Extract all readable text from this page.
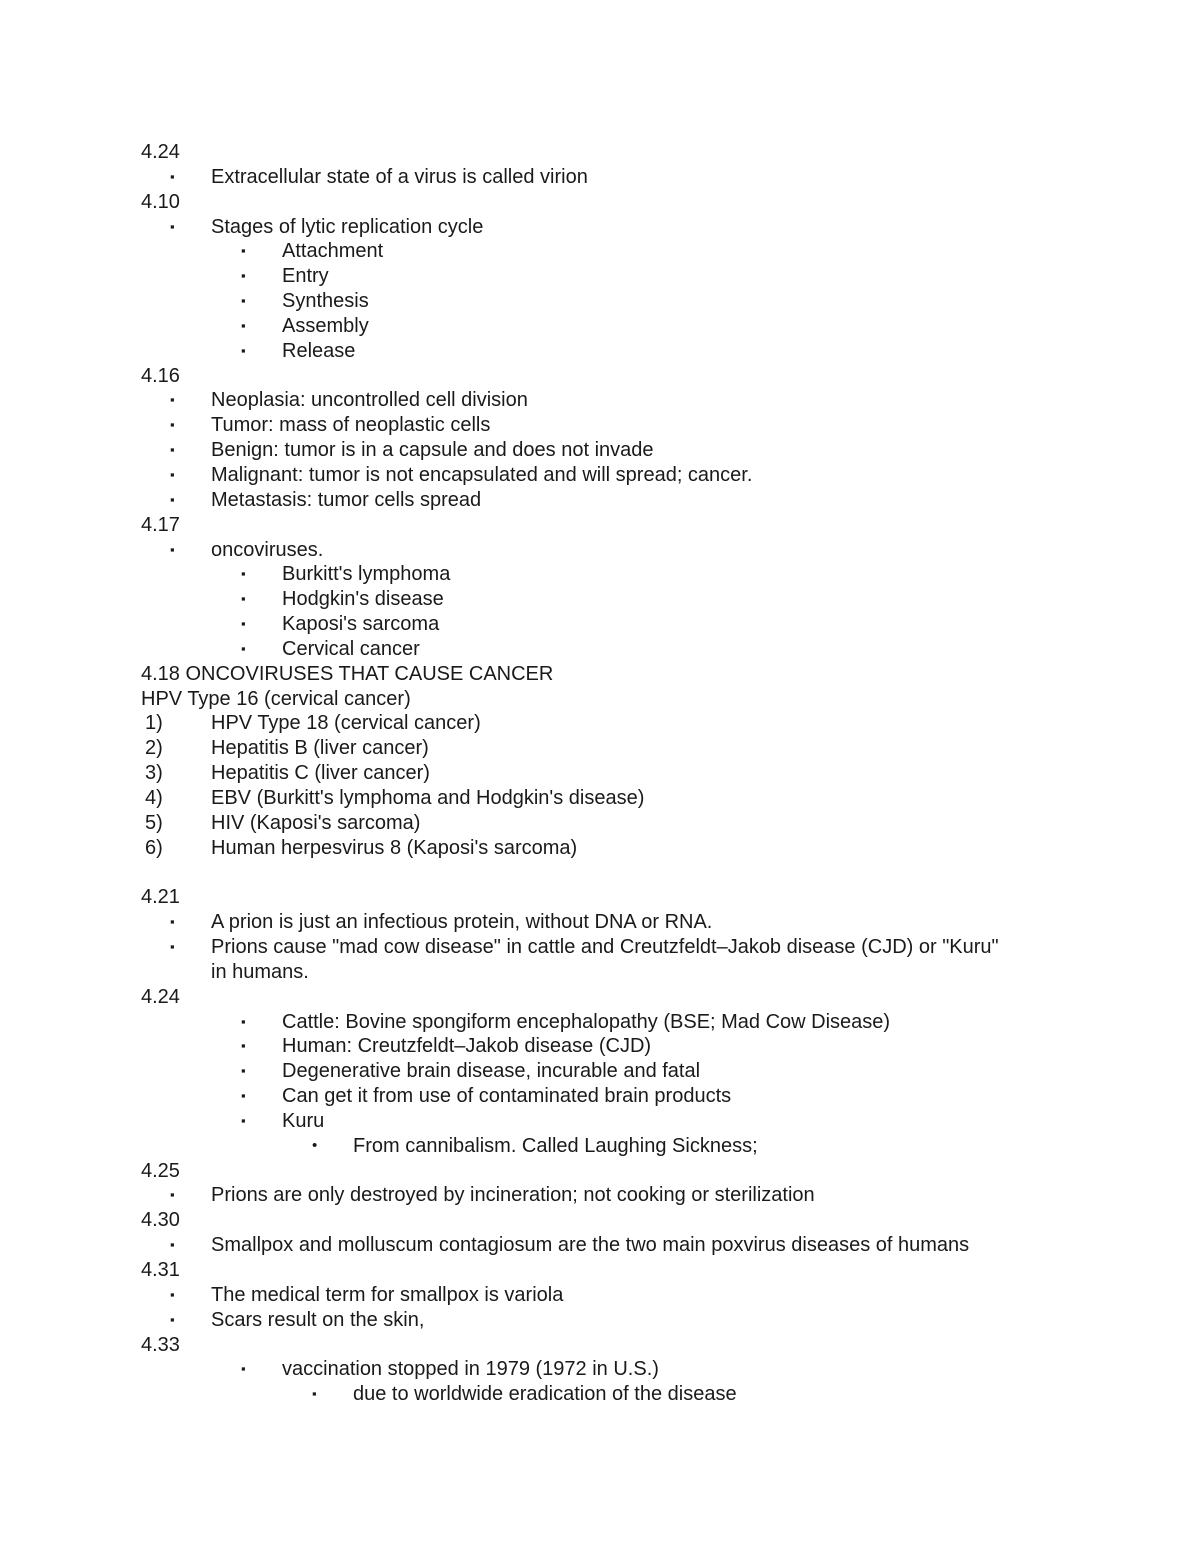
4.24
▪ Extracellular state of a virus is called virion
4.10
▪ Stages of lytic replication cycle
▪ Attachment
▪ Entry
▪ Synthesis
▪ Assembly
▪ Release
4.16
▪ Neoplasia: uncontrolled cell division
▪ Tumor: mass of neoplastic cells
▪ Benign: tumor is in a capsule and does not invade
▪ Malignant: tumor is not encapsulated and will spread; cancer.
▪ Metastasis: tumor cells spread
4.17
▪ oncoviruses.
▪ Burkitt's lymphoma
▪ Hodgkin's disease
▪ Kaposi's sarcoma
▪ Cervical cancer
4.18 ONCOVIRUSES THAT CAUSE CANCER
HPV Type 16 (cervical cancer)
1) HPV Type 18 (cervical cancer)
2) Hepatitis B (liver cancer)
3) Hepatitis C (liver cancer)
4) EBV (Burkitt's lymphoma and Hodgkin's disease)
5) HIV (Kaposi's sarcoma)
6) Human herpesvirus 8 (Kaposi's sarcoma)
4.21
▪ A prion is just an infectious protein, without DNA or RNA.
▪ Prions cause "mad cow disease" in cattle and Creutzfeldt–Jakob disease (CJD) or "Kuru" in humans.
4.24
▪ Cattle: Bovine spongiform encephalopathy (BSE; Mad Cow Disease)
▪ Human: Creutzfeldt–Jakob disease (CJD)
▪ Degenerative brain disease, incurable and fatal
▪ Can get it from use of contaminated brain products
▪ Kuru
• From cannibalism. Called Laughing Sickness;
4.25
▪ Prions are only destroyed by incineration; not cooking or sterilization
4.30
▪ Smallpox and molluscum contagiosum are the two main poxvirus diseases of humans
4.31
▪ The medical term for smallpox is variola
▪ Scars result on the skin,
4.33
▪ vaccination stopped in 1979 (1972 in U.S.)
▪ due to worldwide eradication of the disease
